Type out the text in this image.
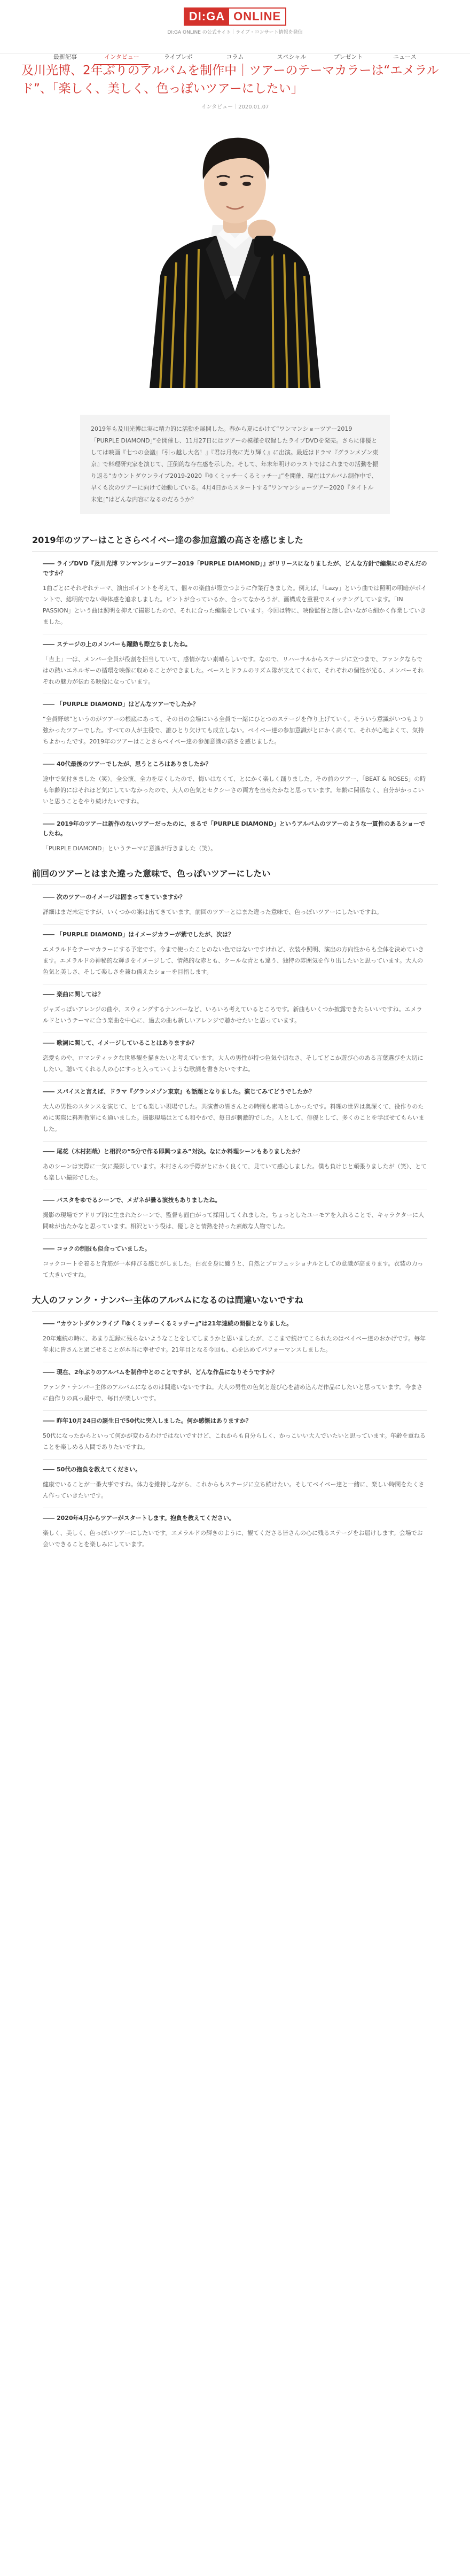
DI:GA ONLINE
DI:GA ONLINE の公式サイト｜ライブ・コンサート情報を発信
最新記事	インタビュー	ライブレポ	コラム	スペシャル	プレゼント	ニュース
及川光博、2年ぶりのアルバムを制作中｜ツアーのテーマカラーは“エメラルド”、「楽しく、美しく、色っぽいツアーにしたい」
インタビュー｜2020.01.07
2019年も及川光博は実に精力的に活動を展開した。春から夏にかけて“ワンマンショーツアー2019「PURPLE DIAMOND」”を開催し、11月27日にはツアーの模様を収録したライブDVDを発売。さらに俳優としては映画『七つの会議』『引っ越し大名！』『君は月夜に光り輝く』に出演。最近はドラマ『グランメゾン東京』で料理研究家を演じて、圧倒的な存在感を示した。そして、年末年明けのラストではこれまでの活動を振り返る“カウントダウンライブ2019-2020『ゆくミッチーくるミッチー』”を開催、現在はアルバム制作中で、早くも次のツアーに向けて始動している。4月4日からスタートする“ワンマンショーツアー2020『タイトル未定』”はどんな内容になるのだろうか？
2019年のツアーはことさらベイベー達の参加意識の高さを感じました
―― ライブDVD『及川光博 ワンマンショーツアー2019「PURPLE DIAMOND」』がリリースになりましたが、どんな方針で編集にのぞんだのですか？
1曲ごとにそれぞれテーマ、演出ポイントを考えて、個々の楽曲が際立つように作業行きました。例えば、「Lazy」という曲では照明の明暗がポイントで、総明的でない時体感を追求しました。ピントが合っているか、合ってなかろうが、画構成を重視でスイッチングしています。「IN PASSION」という曲は照明を抑えて撮影したので、それに合った編集をしています。今回は特に、映像監督と話し合いながら細かく作業していきました。
―― ステージの上のメンバーも躍動も際立ちましたね。
「吉上」一は、メンバー全員が役割を担当していて、感情がない素晴らしいです。なので、リハーサルからステージに立つまで、ファンクならではの熱いエネルギーの循環を映像に収めることができました。ベースとドラムのリズム隊が支えてくれて、それぞれの個性が光る、メンバーそれぞれの魅力が伝わる映像になっています。
―― 「PURPLE DIAMOND」はどんなツアーでしたか？
“全員野球”というのがツアーの根底にあって、その日の会場にいる全員で一緒にひとつのステージを作り上げていく。そういう意識がいつもより強かったツアーでした。すべての人が主役で、誰ひとり欠けても成立しない。ベイベー達の参加意識がとにかく高くて、それが心地よくて、気持ちよかったです。2019年のツアーはことさらベイベー達の参加意識の高さを感じました。
―― 40代最後のツアーでしたが、思うところはありましたか？
途中で気付きました（笑）。全公演、全力を尽くしたので、悔いはなくて、とにかく楽しく踊りました。その前のツアー、「BEAT & ROSES」の時も年齢的にはそれほど気にしていなかったので、大人の色気とセクシーさの両方を出せたかなと思っています。年齢に関係なく、自分がかっこいいと思うことをやり続けたいですね。
―― 2019年のツアーは新作のないツアーだったのに、まるで「PURPLE DIAMOND」というアルバムのツアーのような一貫性のあるショーでしたね。
「PURPLE DIAMOND」というテーマに意識が行きました（笑）。
前回のツアーとはまた違った意味で、色っぽいツアーにしたい
―― 次のツアーのイメージは固まってきていますか？
詳細はまだ未定ですが、いくつかの案は出てきています。前回のツアーとはまた違った意味で、色っぽいツアーにしたいですね。
―― 「PURPLE DIAMOND」はイメージカラーが紫でしたが、次は？
エメラルドをテーマカラーにする予定です。今まで使ったことのない色ではないですけれど、衣装や照明、演出の方向性からも全体を決めていきます。エメラルドの神秘的な輝きをイメージして、情熱的な赤とも、クールな青とも違う、独特の雰囲気を作り出したいと思っています。大人の色気と美しさ、そして楽しさを兼ね備えたショーを目指します。
―― 楽曲に関しては？
ジャズっぽいアレンジの曲や、スウィングするナンバーなど、いろいろ考えているところです。新曲もいくつか披露できたらいいですね。エメラルドというテーマに合う楽曲を中心に、過去の曲も新しいアレンジで聴かせたいと思っています。
―― 歌詞に関して、イメージしていることはありますか？
恋愛ものや、ロマンティックな世界観を描きたいと考えています。大人の男性が持つ色気や切なさ、そしてどこか遊び心のある言葉選びを大切にしたい。聴いてくれる人の心にすっと入っていくような歌詞を書きたいですね。
―― スパイスと言えば、ドラマ『グランメゾン東京』も話題となりました。演じてみてどうでしたか？
大人の男性のスタンスを演じて、とても楽しい現場でした。共演者の皆さんとの時間も素晴らしかったです。料理の世界は奥深くて、役作りのために実際に料理教室にも通いました。撮影現場はとても和やかで、毎日が刺激的でした。人として、俳優として、多くのことを学ばせてもらいました。
―― 尾花（木村拓哉）と相沢の“5分で作る即興つまみ”対決。なにか料理シーンもありましたか？
あのシーンは実際に一気に撮影しています。木村さんの手際がとにかく良くて、見ていて感心しました。僕も負けじと頑張りましたが（笑）、とても楽しい撮影でした。
―― パスタをゆでるシーンで、メガネが曇る演技もありましたね。
撮影の現場でアドリブ的に生まれたシーンで、監督も面白がって採用してくれました。ちょっとしたユーモアを入れることで、キャラクターに人間味が出たかなと思っています。相沢という役は、優しさと情熱を持った素敵な人物でした。
―― コックの制服も似合っていました。
コックコートを着ると背筋が一本伸びる感じがしました。白衣を身に纏うと、自然とプロフェッショナルとしての意識が高まります。衣装の力って大きいですね。
大人のファンク・ナンバー主体のアルバムになるのは間違いないですね
―― “カウントダウンライブ『ゆくミッチーくるミッチー』”は21年連続の開催となりました。
20年連続の時に、あまり記録に残らないようなことをしてしまうかと思いましたが、ここまで続けてこられたのはベイベー達のおかげです。毎年年末に皆さんと過ごせることが本当に幸せです。21年目となる今回も、心を込めてパフォーマンスしました。
―― 現在、2年ぶりのアルバムを制作中とのことですが、どんな作品になりそうですか？
ファンク・ナンバー主体のアルバムになるのは間違いないですね。大人の男性の色気と遊び心を詰め込んだ作品にしたいと思っています。今まさに曲作りの真っ最中で、毎日が楽しいです。
―― 昨年10月24日の誕生日で50代に突入しました。何か感慨はありますか？
50代になったからといって何かが変わるわけではないですけど、これからも自分らしく、かっこいい大人でいたいと思っています。年齢を重ねることを楽しめる人間でありたいですね。
―― 50代の抱負を教えてください。
健康でいることが一番大事ですね。体力を維持しながら、これからもステージに立ち続けたい。そしてベイベー達と一緒に、楽しい時間をたくさん作っていきたいです。
―― 2020年4月からツアーがスタートします。抱負を教えてください。
楽しく、美しく、色っぽいツアーにしたいです。エメラルドの輝きのように、観てくださる皆さんの心に残るステージをお届けします。会場でお会いできることを楽しみにしています。
